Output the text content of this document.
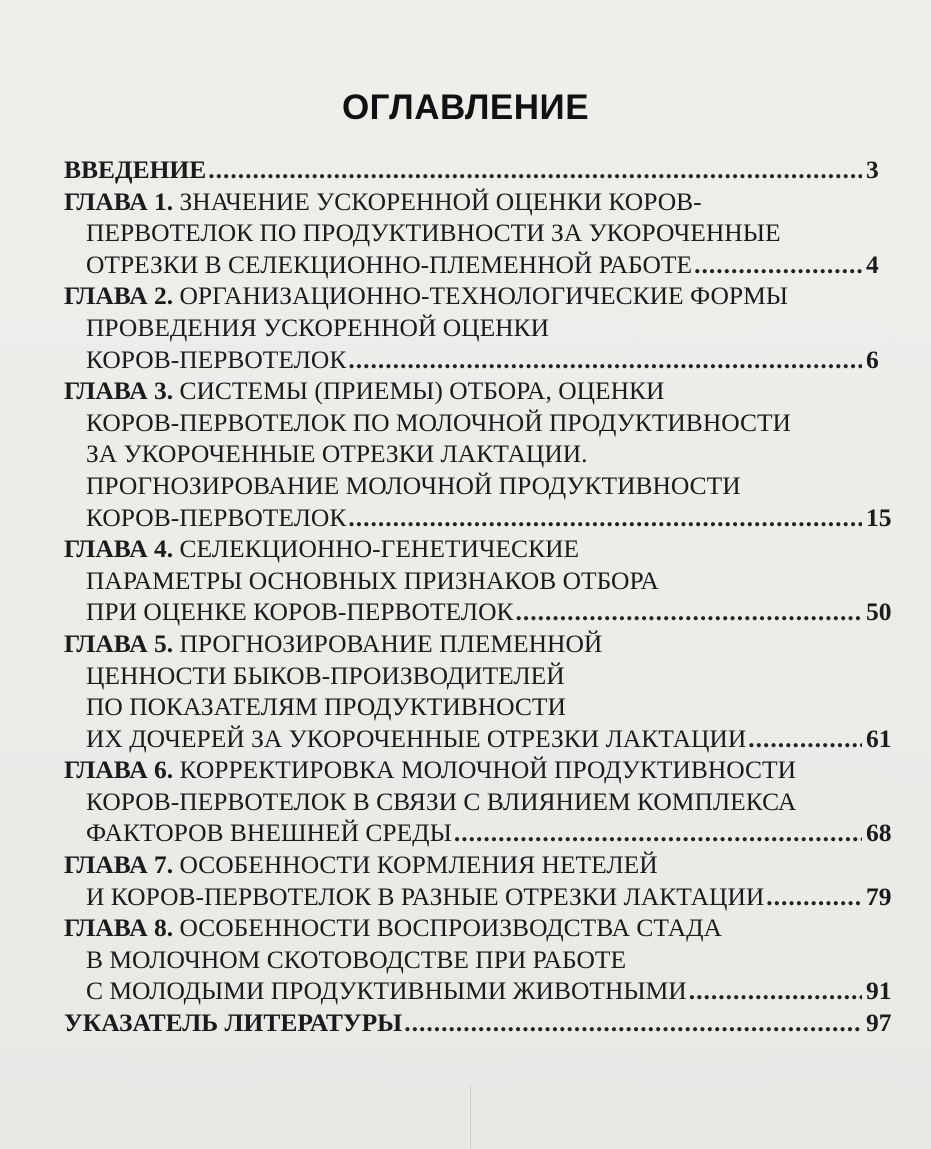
ОГЛАВЛЕНИЕ
ВВЕДЕНИЕ .....	3
ГЛАВА 1.
ЗНАЧЕНИЕ УСКОРЕННОЙ ОЦЕНКИ КОРОВ-
ПЕРВОТЕЛОК ПО ПРОДУКТИВНОСТИ ЗА УКОРОЧЕННЫЕ
ОТРЕЗКИ В СЕЛЕКЦИОННО-ПЛЕМЕННОЙ РАБОТЕ .....	4
ГЛАВА 2.
ОРГАНИЗАЦИОННО-ТЕХНОЛОГИЧЕСКИЕ ФОРМЫ
ПРОВЕДЕНИЯ УСКОРЕННОЙ ОЦЕНКИ
КОРОВ-ПЕРВОТЕЛОК .....	6
ГЛАВА 3.
СИСТЕМЫ (ПРИЕМЫ) ОТБОРА, ОЦЕНКИ
КОРОВ-ПЕРВОТЕЛОК ПО МОЛОЧНОЙ ПРОДУКТИВНОСТИ
ЗА УКОРОЧЕННЫЕ ОТРЕЗКИ ЛАКТАЦИИ.
ПРОГНОЗИРОВАНИЕ МОЛОЧНОЙ ПРОДУКТИВНОСТИ
КОРОВ-ПЕРВОТЕЛОК .....	15
ГЛАВА 4.
СЕЛЕКЦИОННО-ГЕНЕТИЧЕСКИЕ
ПАРАМЕТРЫ ОСНОВНЫХ ПРИЗНАКОВ ОТБОРА
ПРИ ОЦЕНКЕ КОРОВ-ПЕРВОТЕЛОК .....	50
ГЛАВА 5.
ПРОГНОЗИРОВАНИЕ ПЛЕМЕННОЙ
ЦЕННОСТИ БЫКОВ-ПРОИЗВОДИТЕЛЕЙ
ПО ПОКАЗАТЕЛЯМ ПРОДУКТИВНОСТИ
ИХ ДОЧЕРЕЙ ЗА УКОРОЧЕННЫЕ ОТРЕЗКИ ЛАКТАЦИИ .....	61
ГЛАВА 6.
КОРРЕКТИРОВКА МОЛОЧНОЙ ПРОДУКТИВНОСТИ
КОРОВ-ПЕРВОТЕЛОК В СВЯЗИ С ВЛИЯНИЕМ КОМПЛЕКСА
ФАКТОРОВ ВНЕШНЕЙ СРЕДЫ .....	68
ГЛАВА 7.
ОСОБЕННОСТИ КОРМЛЕНИЯ НЕТЕЛЕЙ
И КОРОВ-ПЕРВОТЕЛОК В РАЗНЫЕ ОТРЕЗКИ ЛАКТАЦИИ .....	79
ГЛАВА 8.
ОСОБЕННОСТИ ВОСПРОИЗВОДСТВА СТАДА
В МОЛОЧНОМ СКОТОВОДСТВЕ ПРИ РАБОТЕ
С МОЛОДЫМИ ПРОДУКТИВНЫМИ ЖИВОТНЫМИ .....	91
УКАЗАТЕЛЬ ЛИТЕРАТУРЫ .....	97
